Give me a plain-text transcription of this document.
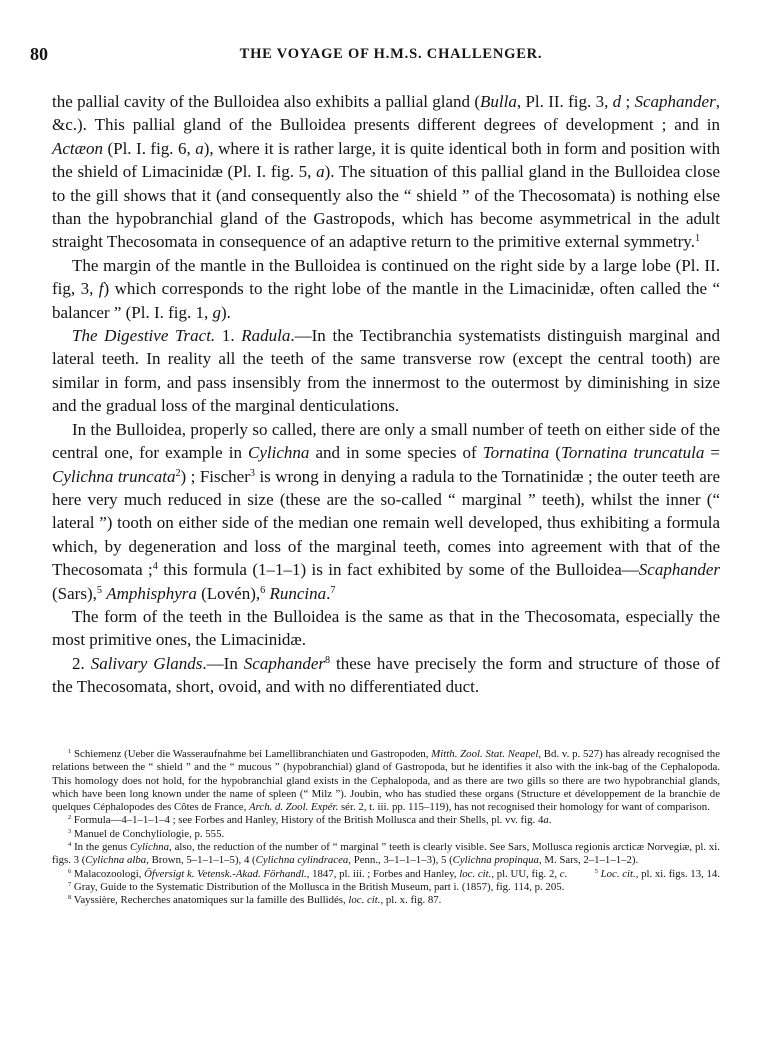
80	THE VOYAGE OF H.M.S. CHALLENGER.

the pallial cavity of the Bulloidea also exhibits a pallial gland (Bulla, Pl. II. fig. 3, d ; Scaphander, &c.). This pallial gland of the Bulloidea presents different degrees of development ; and in Actæon (Pl. I. fig. 6, a), where it is rather large, it is quite identical both in form and position with the shield of Limacinidæ (Pl. I. fig. 5, a). The situation of this pallial gland in the Bulloidea close to the gill shows that it (and consequently also the “ shield ” of the Thecosomata) is nothing else than the hypobranchial gland of the Gastropods, which has become asymmetrical in the adult straight Thecosomata in consequence of an adaptive return to the primitive external symmetry.$^1$

The margin of the mantle in the Bulloidea is continued on the right side by a large lobe (Pl. II. fig, 3, f) which corresponds to the right lobe of the mantle in the Limacinidæ, often called the “ balancer ” (Pl. I. fig. 1, g).

The Digestive Tract. 1. Radula.—In the Tectibranchia systematists distinguish marginal and lateral teeth. In reality all the teeth of the same transverse row (except the central tooth) are similar in form, and pass insensibly from the innermost to the outermost by diminishing in size and the gradual loss of the marginal denticulations.

In the Bulloidea, properly so called, there are only a small number of teeth on either side of the central one, for example in Cylichna and in some species of Tornatina (Tornatina truncatula = Cylichna truncata$^2$) ; Fischer$^3$ is wrong in denying a radula to the Tornatinidæ ; the outer teeth are here very much reduced in size (these are the so-called “ marginal ” teeth), whilst the inner (“ lateral ”) tooth on either side of the median one remain well developed, thus exhibiting a formula which, by degeneration and loss of the marginal teeth, comes into agreement with that of the Thecosomata ;$^4$ this formula (1–1–1) is in fact exhibited by some of the Bulloidea—Scaphander (Sars),$^5$ Amphisphyra (Lovén),$^6$ Runcina.$^7$

The form of the teeth in the Bulloidea is the same as that in the Thecosomata, especially the most primitive ones, the Limacinidæ.

2. Salivary Glands.—In Scaphander$^8$ these have precisely the form and structure of those of the Thecosomata, short, ovoid, and with no differentiated duct.

$^1$ Schiemenz (Ueber die Wasseraufnahme bei Lamellibranchiaten und Gastropoden, Mitth. Zool. Stat. Neapel, Bd. v. p. 527) has already recognised the relations between the “ shield ” and the “ mucous ” (hypobranchial) gland of Gastropoda, but he identifies it also with the ink-bag of the Cephalopoda. This homology does not hold, for the hypobranchial gland exists in the Cephalopoda, and as there are two gills so there are two hypobranchial glands, which have been long known under the name of spleen (“ Milz ”). Joubin, who has studied these organs (Structure et développement de la branchie de quelques Céphalopodes des Côtes de France, Arch. d. Zool. Expér. sér. 2, t. iii. pp. 115–119), has not recognised their homology for want of comparison.

$^2$ Formula—4–1–1–1–4 ; see Forbes and Hanley, History of the British Mollusca and their Shells, pl. vv. fig. 4a.

$^3$ Manuel de Conchyliologie, p. 555.

$^4$ In the genus Cylichna, also, the reduction of the number of “ marginal ” teeth is clearly visible. See Sars, Mollusca regionis arcticæ Norvegiæ, pl. xi. figs. 3 (Cylichna alba, Brown, 5–1–1–1–5), 4 (Cylichna cylindracea, Penn., 3–1–1–1–3), 5 (Cylichna propinqua, M. Sars, 2–1–1–1–2).
$^5$ Loc. cit., pl. xi. figs. 13, 14.

$^6$ Malacozoologi, Öfversigt k. Vetensk.-Akad. Förhandl., 1847, pl. iii. ; Forbes and Hanley, loc. cit., pl. UU, fig. 2, c.

$^7$ Gray, Guide to the Systematic Distribution of the Mollusca in the British Museum, part i. (1857), fig. 114, p. 205.

$^8$ Vayssière, Recherches anatomiques sur la famille des Bullidés, loc. cit., pl. x. fig. 87.
